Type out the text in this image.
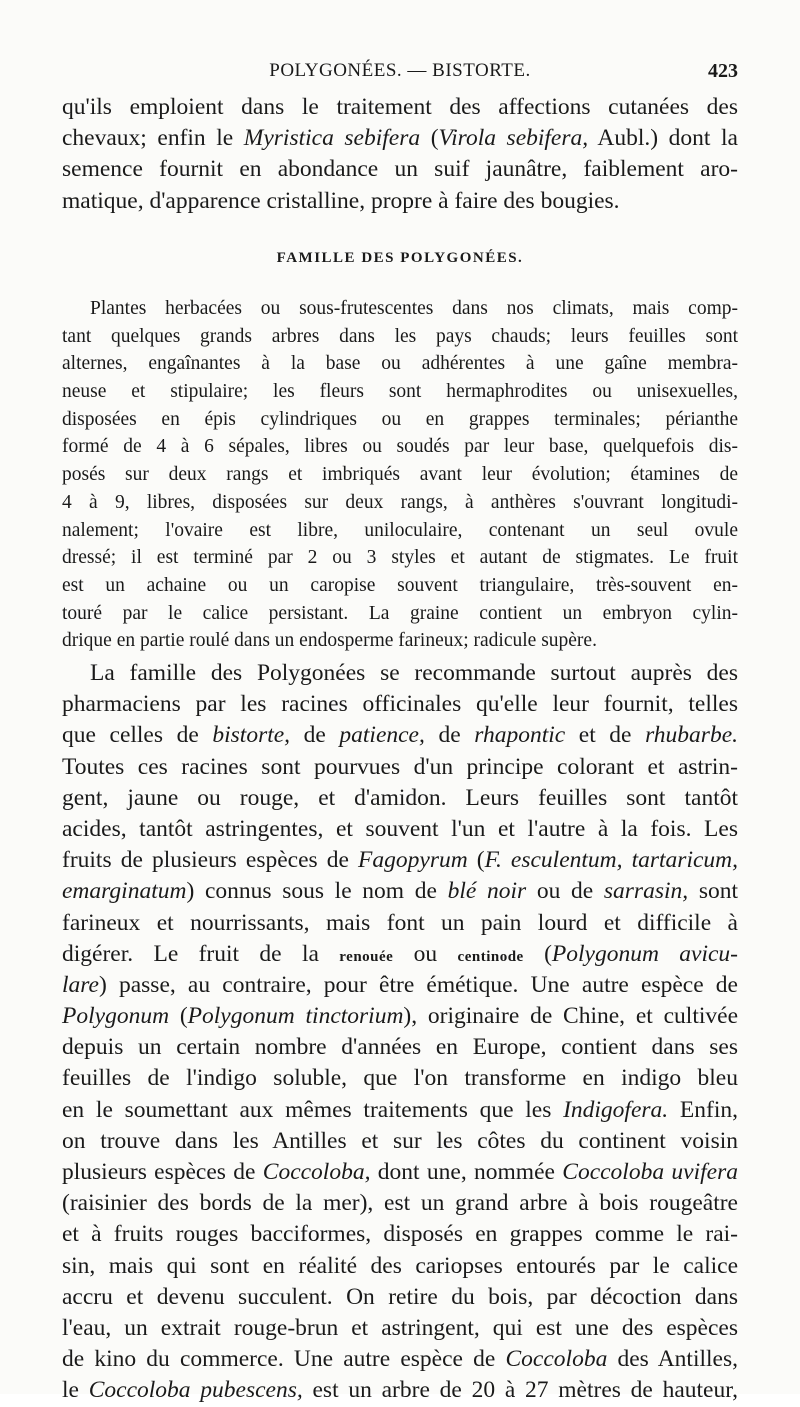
POLYGONÉES. — BISTORTE.	423
qu'ils emploient dans le traitement des affections cutanées des
chevaux; enfin le Myristica sebifera (Virola sebifera, Aubl.) dont la
semence fournit en abondance un suif jaunâtre, faiblement aro-
matique, d'apparence cristalline, propre à faire des bougies.
FAMILLE DES POLYGONÉES.
Plantes herbacées ou sous-frutescentes dans nos climats, mais comp-
tant quelques grands arbres dans les pays chauds; leurs feuilles sont
alternes, engaînantes à la base ou adhérentes à une gaîne membra-
neuse et stipulaire; les fleurs sont hermaphrodites ou unisexuelles,
disposées en épis cylindriques ou en grappes terminales; périanthe
formé de 4 à 6 sépales, libres ou soudés par leur base, quelquefois dis-
posés sur deux rangs et imbriqués avant leur évolution; étamines de
4 à 9, libres, disposées sur deux rangs, à anthères s'ouvrant longitudi-
nalement; l'ovaire est libre, uniloculaire, contenant un seul ovule
dressé; il est terminé par 2 ou 3 styles et autant de stigmates. Le fruit
est un achaine ou un caropise souvent triangulaire, très-souvent en-
touré par le calice persistant. La graine contient un embryon cylin-
drique en partie roulé dans un endosperme farineux; radicule supère.
La famille des Polygonées se recommande surtout auprès des
pharmaciens par les racines officinales qu'elle leur fournit, telles
que celles de bistorte, de patience, de rhapontic et de rhubarbe.
Toutes ces racines sont pourvues d'un principe colorant et astrin-
gent, jaune ou rouge, et d'amidon. Leurs feuilles sont tantôt
acides, tantôt astringentes, et souvent l'un et l'autre à la fois. Les
fruits de plusieurs espèces de Fagopyrum (F. esculentum, tartaricum,
emarginatum) connus sous le nom de blé noir ou de sarrasin, sont
farineux et nourrissants, mais font un pain lourd et difficile à
digérer. Le fruit de la renouée ou centinode (Polygonum avicu-
lare) passe, au contraire, pour être émétique. Une autre espèce de
Polygonum (Polygonum tinctorium), originaire de Chine, et cultivée
depuis un certain nombre d'années en Europe, contient dans ses
feuilles de l'indigo soluble, que l'on transforme en indigo bleu
en le soumettant aux mêmes traitements que les Indigofera. Enfin,
on trouve dans les Antilles et sur les côtes du continent voisin
plusieurs espèces de Coccoloba, dont une, nommée Coccoloba uvifera
(raisinier des bords de la mer), est un grand arbre à bois rougeâtre
et à fruits rouges bacciformes, disposés en grappes comme le rai-
sin, mais qui sont en réalité des cariopses entourés par le calice
accru et devenu succulent. On retire du bois, par décoction dans
l'eau, un extrait rouge-brun et astringent, qui est une des espèces
de kino du commerce. Une autre espèce de Coccoloba des Antilles,
le Coccoloba pubescens, est un arbre de 20 à 27 mètres de hauteur,
